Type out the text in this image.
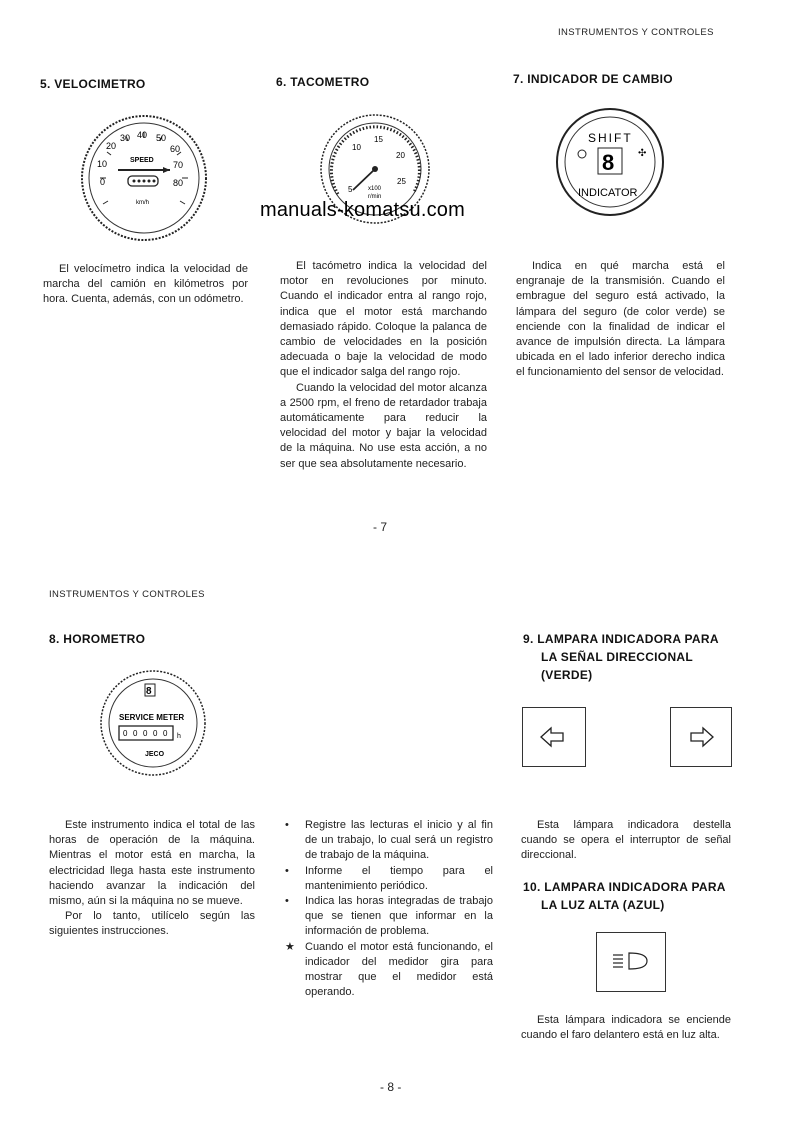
INSTRUMENTOS Y CONTROLES
5. VELOCIMETRO
0
10
20
30 40 50
60
70
80
SPEED
km/h

El velocímetro indica la velocidad de marcha del camión en kilómetros por hora. Cuenta, además, con un odómetro.

6. TACOMETRO
5
10
15
20
25
x100
r/min

El tacómetro indica la velocidad del motor en revoluciones por minuto. Cuando el indicador entra al rango rojo, indica que el motor está marchando demasiado rápido. Coloque la palanca de cambio de velocidades en la posición adecuada o baje la velocidad de modo que el indicador salga del rango rojo.

Cuando la velocidad del motor alcanza a 2500 rpm, el freno de retardador trabaja automáticamente para reducir la velocidad del motor y bajar la velocidad de la máquina. No use esta acción, a no ser que sea absolutamente necesario.

7. INDICADOR DE CAMBIO
SHIFT
8 ✣
INDICATOR

Indica en qué marcha está el engranaje de la transmisión. Cuando el embrague del seguro está activado, la lámpara del seguro (de color verde) se enciende con la finalidad de indicar el avance de impulsión directa. La lámpara ubicada en el lado inferior derecho indica el funcionamiento del sensor de velocidad.

manuals-komatsu.com
- 7
INSTRUMENTOS Y CONTROLES
8. HOROMETRO
8
SERVICE METER
0 0 0 0 0 h
JECO

Este instrumento indica el total de las horas de operación de la máquina. Mientras el motor está en marcha, la electricidad llega hasta este instrumento haciendo avanzar la indicación del mismo, aún si la máquina no se mueve.

Por lo tanto, utilícelo según las siguientes instrucciones.

• Registre las lecturas el inicio y al fin de un trabajo, lo cual será un registro de trabajo de la máquina.
• Informe el tiempo para el mantenimiento periódico.
• Indica las horas integradas de trabajo que se tienen que informar en la información de problema.
★ Cuando el motor está funcionando, el indicador del medidor gira para mostrar que el medidor está operando.
9. LAMPARA INDICADORA PARA
LA SEÑAL DIRECCIONAL
(VERDE)

Esta lámpara indicadora destella cuando se opera el interruptor de señal direccional.

10. LAMPARA INDICADORA PARA
LA LUZ ALTA (AZUL)

Esta lámpara indicadora se enciende cuando el faro delantero está en luz alta.

- 8 -
